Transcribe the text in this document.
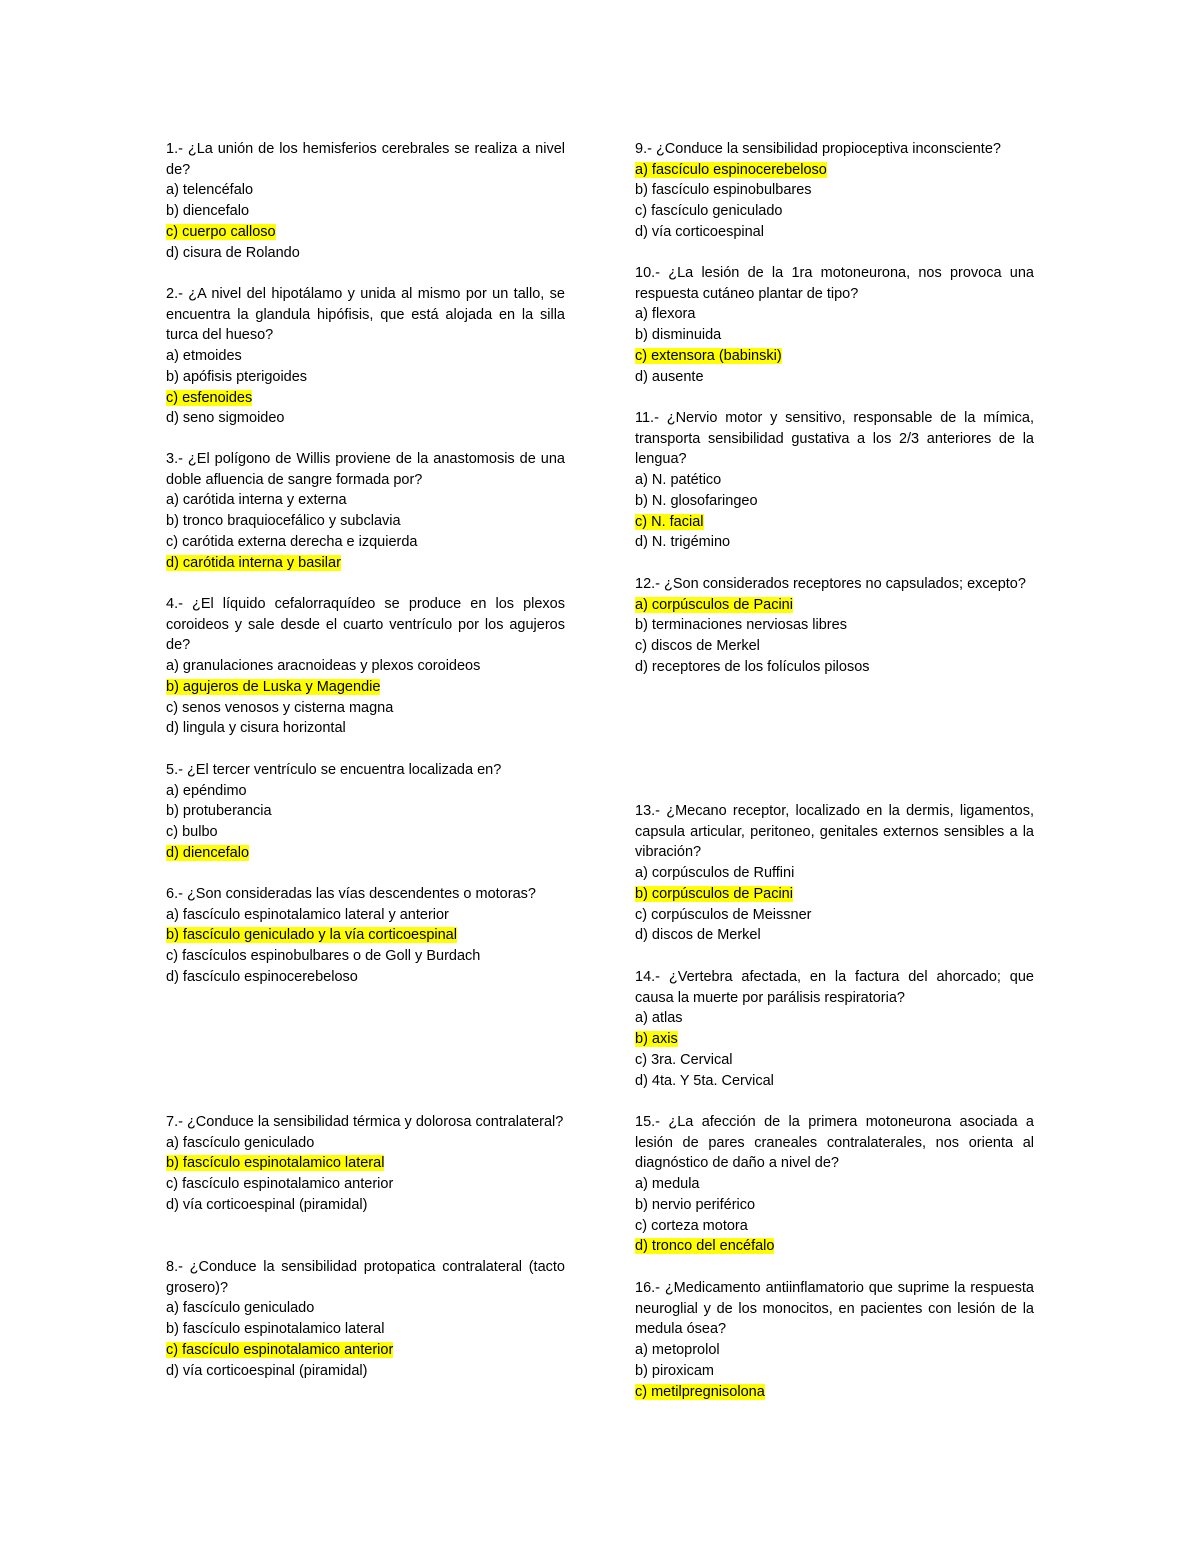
1.- ¿La unión de los hemisferios cerebrales se realiza a nivel de?
a) telencéfalo
b) diencefalo
c) cuerpo calloso
d) cisura de Rolando
2.- ¿A nivel del hipotálamo y unida al mismo por un tallo, se encuentra la glandula hipófisis, que está alojada en la silla turca del hueso?
a) etmoides
b) apófisis pterigoides
c) esfenoides
d) seno sigmoideo
3.- ¿El polígono de Willis proviene de la anastomosis de una doble afluencia de sangre formada por?
a) carótida interna y externa
b) tronco braquiocefálico y subclavia
c) carótida externa derecha e izquierda
d) carótida interna y basilar
4.- ¿El líquido cefalorraquídeo se produce en los plexos coroideos y sale desde el cuarto ventrículo por los agujeros de?
a) granulaciones aracnoideas y plexos coroideos
b) agujeros de Luska y Magendie
c) senos venosos y cisterna magna
d) lingula y cisura horizontal
5.- ¿El tercer ventrículo se encuentra localizada en?
a) epéndimo
b) protuberancia
c) bulbo
d) diencefalo
6.- ¿Son consideradas las vías descendentes o motoras?
a) fascículo espinotalamico lateral y anterior
b) fascículo geniculado y la vía corticoespinal
c) fascículos espinobulbares o de Goll y Burdach
d) fascículo espinocerebeloso
7.- ¿Conduce la sensibilidad térmica y dolorosa contralateral?
a) fascículo geniculado
b) fascículo espinotalamico lateral
c) fascículo espinotalamico anterior
d) vía corticoespinal (piramidal)
8.- ¿Conduce la sensibilidad protopatica contralateral (tacto grosero)?
a) fascículo geniculado
b) fascículo espinotalamico lateral
c) fascículo espinotalamico anterior
d) vía corticoespinal (piramidal)
9.- ¿Conduce la sensibilidad propioceptiva inconsciente?
a) fascículo espinocerebeloso
b) fascículo espinobulbares
c) fascículo geniculado
d) vía corticoespinal
10.- ¿La lesión de la 1ra motoneurona, nos provoca una respuesta cutáneo plantar de tipo?
a) flexora
b) disminuida
c) extensora (babinski)
d) ausente
11.- ¿Nervio motor y sensitivo, responsable de la mímica, transporta sensibilidad gustativa a los 2/3 anteriores de la lengua?
a) N. patético
b) N. glosofaringeo
c) N. facial
d) N. trigémino
12.- ¿Son considerados receptores no capsulados; excepto?
a) corpúsculos de Pacini
b) terminaciones nerviosas libres
c) discos de Merkel
d) receptores de los folículos pilosos
13.- ¿Mecano receptor, localizado en la dermis, ligamentos, capsula articular, peritoneo, genitales externos sensibles a la vibración?
a) corpúsculos de Ruffini
b) corpúsculos de Pacini
c) corpúsculos de Meissner
d) discos de Merkel
14.- ¿Vertebra afectada, en la factura del ahorcado; que causa la muerte por parálisis respiratoria?
a) atlas
b) axis
c) 3ra. Cervical
d) 4ta. Y 5ta. Cervical
15.- ¿La afección de la primera motoneurona asociada a lesión de pares craneales contralaterales, nos orienta al diagnóstico de daño a nivel de?
a) medula
b) nervio periférico
c) corteza motora
d) tronco del encéfalo
16.- ¿Medicamento antiinflamatorio que suprime la respuesta neuroglial y de los monocitos, en pacientes con lesión de la medula ósea?
a) metoprolol
b) piroxicam
c) metilpregnisolona
